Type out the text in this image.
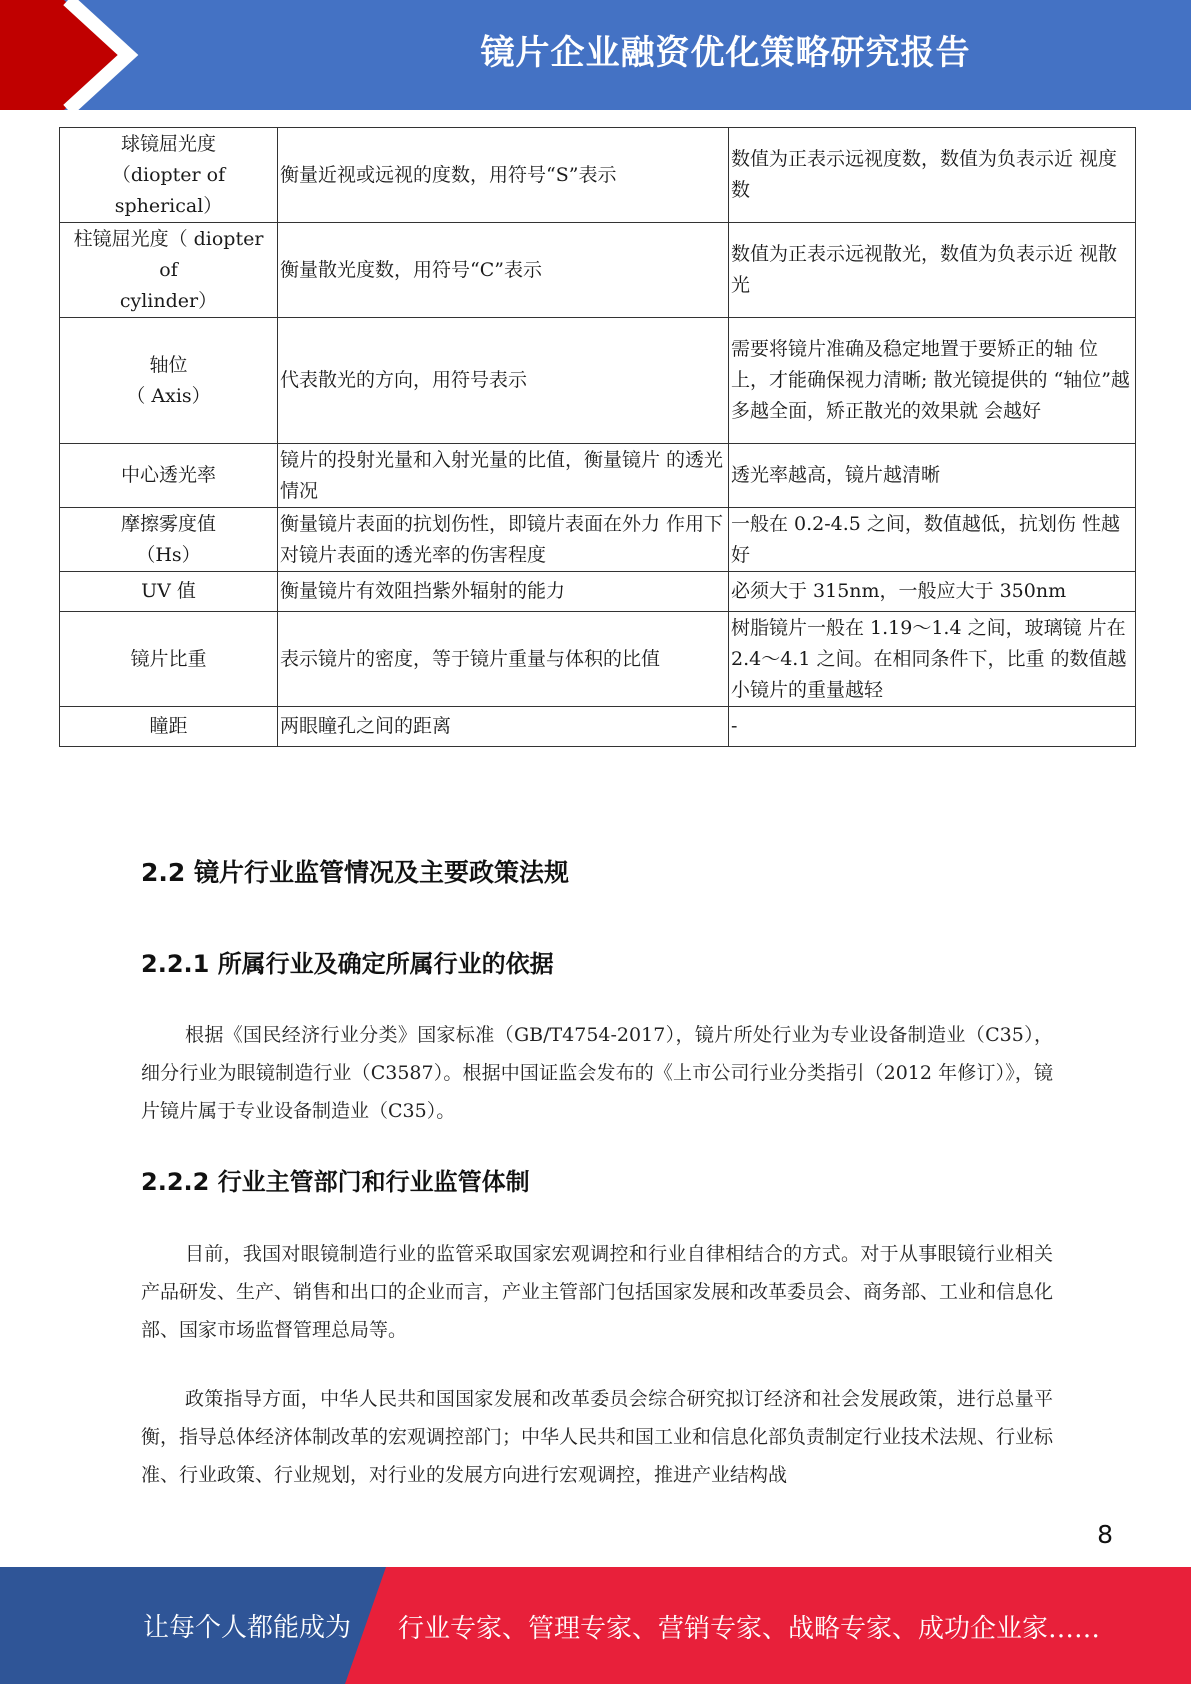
镜片企业融资优化策略研究报告
球镜屈光度
（diopter of spherical）	衡量近视或远视的度数，用符号“S”表示	数值为正表示远视度数，数值为负表示近 视度数

柱镜屈光度（ diopter of
cylinder）	衡量散光度数，用符号“C”表示	数值为正表示远视散光，数值为负表示近 视散光

轴位
（ Axis）	代表散光的方向，用符号表示	需要将镜片准确及稳定地置于要矫正的轴 位上，才能确保视力清晰; 散光镜提供的 “轴位”越多越全面，矫正散光的效果就 会越好

中心透光率	镜片的投射光量和入射光量的比值，衡量镜片 的透光情况	透光率越高，镜片越清晰

摩擦雾度值
（Hs）	衡量镜片表面的抗划伤性，即镜片表面在外力 作用下对镜片表面的透光率的伤害程度	一般在 0.2-4.5 之间，数值越低，抗划伤 性越好

UV 值	衡量镜片有效阻挡紫外辐射的能力	必须大于 315nm，一般应大于 350nm

镜片比重	表示镜片的密度，等于镜片重量与体积的比值	树脂镜片一般在 1.19～1.4 之间，玻璃镜 片在 2.4～4.1 之间。在相同条件下，比重 的数值越小镜片的重量越轻

瞳距	两眼瞳孔之间的距离	-
2.2 镜片行业监管情况及主要政策法规
2.2.1 所属行业及确定所属行业的依据

根据《国民经济行业分类》国家标准（GB/T4754-2017），镜片所处行业为专业设备制造业（C35），细分行业为眼镜制造行业（C3587）。根据中国证监会发布的《上市公司行业分类指引（2012 年修订）》，镜片镜片属于专业设备制造业（C35）。

2.2.2 行业主管部门和行业监管体制

目前，我国对眼镜制造行业的监管采取国家宏观调控和行业自律相结合的方式。对于从事眼镜行业相关产品研发、生产、销售和出口的企业而言，产业主管部门包括国家发展和改革委员会、商务部、工业和信息化部、国家市场监督管理总局等。

政策指导方面，中华人民共和国国家发展和改革委员会综合研究拟订经济和社会发展政策，进行总量平衡，指导总体经济体制改革的宏观调控部门；中华人民共和国工业和信息化部负责制定行业技术法规、行业标准、行业政策、行业规划，对行业的发展方向进行宏观调控，推进产业结构战

8
让每个人都能成为 行业专家、管理专家、营销专家、战略专家、成功企业家……
